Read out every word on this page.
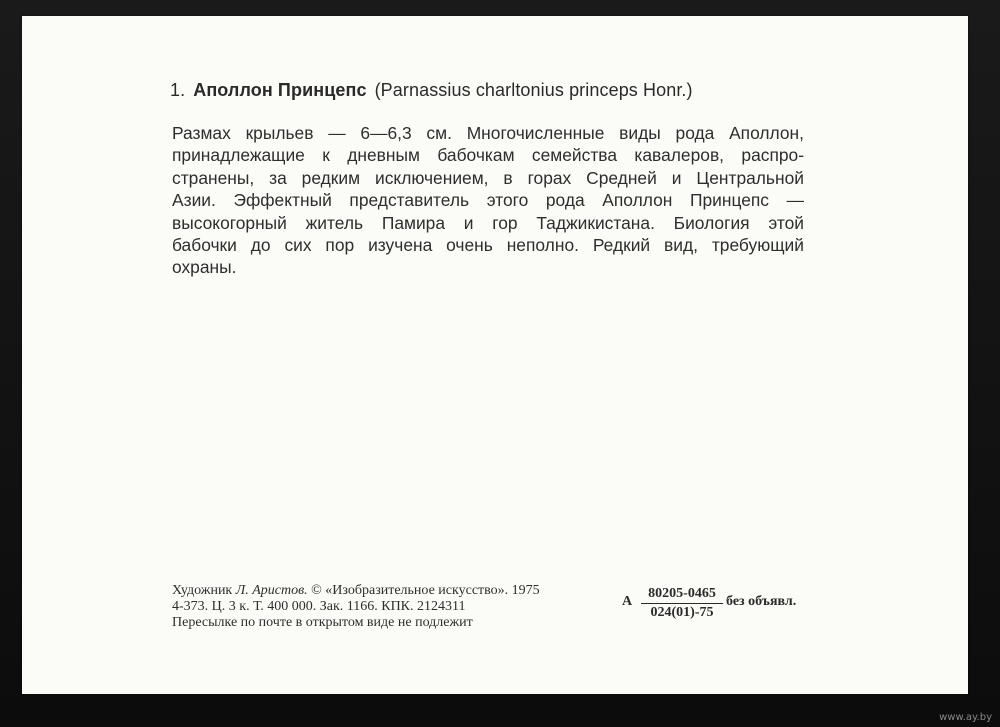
1. Аполлон Принцепс (Parnassius charltonius princeps Honr.)
Размах крыльев — 6—6,3 см. Многочисленные виды рода Аполлон,
принадлежащие к дневным бабочкам семейства кавалеров, распро-
странены, за редким исключением, в горах Средней и Центральной
Азии. Эффектный представитель этого рода Аполлон Принцепс —
высокогорный житель Памира и гор Таджикистана. Биология этой
бабочки до сих пор изучена очень неполно. Редкий вид, требующий
охраны.
Художник Л. Аристов. © «Изобразительное искусство». 1975
4-373. Ц. 3 к. Т. 400 000. Зак. 1166. КПК. 2124311
Пересылке по почте в открытом виде не подлежит
А $\frac{80205-0465}{024(01)-75}$ без объявл.
www.ay.by
